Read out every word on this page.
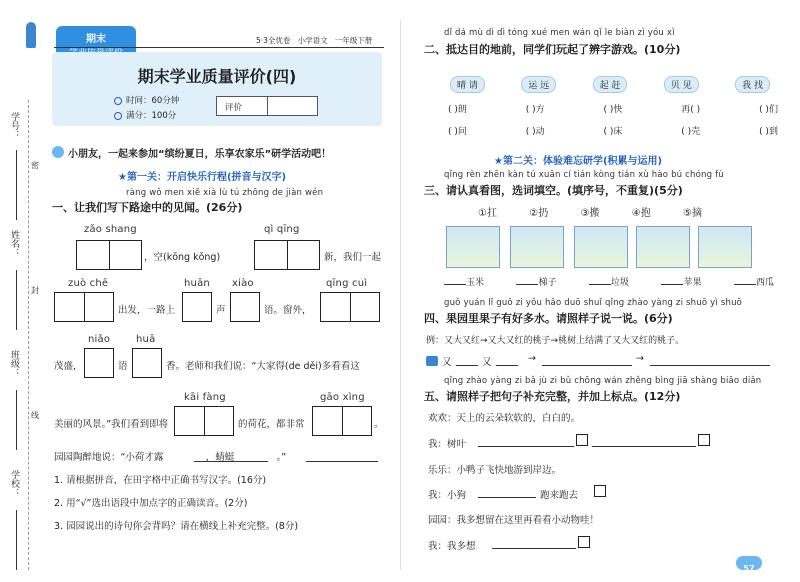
学号：
姓名：
班级：
学校：
密
封
线
期末	5·3全优卷   小学语文   一年级下册
期末学业质量评价(四)
时间：60分钟
满分：100分
评价
小朋友，一起来参加“缤纷夏日，乐享农家乐”研学活动吧！
★第一关：开启快乐行程(拼音与汉字)
ràng wǒ men xiě xià lù tú zhōng de jiàn wén
一、让我们写下路途中的见闻。(26分)
zǎo shang
，空(kōng kǒng)
qì qīng
新，我们一起
zuò chē
出发，一路上
huān
声
xiào
语。窗外，
qīng cuì
茂盛，
niǎo
语
huā
香。老师和我们说：“大家得(de děi)多看看这
美丽的风景。”我们看到即将
kāi fàng
的荷花，都非常
gāo xìng
。
园园陶醉地说：“小荷才露              ，蜻蜓              。”
1. 请根据拼音，在田字格中正确书写汉字。(16分)
2. 用“√”选出语段中加点字的正确读音。(2分)
3. 园园说出的诗句你会背吗？请在横线上补充完整。(8分)
dǐ dá mù dì dì tóng xué men wán qǐ le biàn zì yóu xì
二、抵达目的地前，同学们玩起了辨字游戏。(10分)
晴 请	运 远	起 赶	贝 见	我 找
( )朗	( )方	( )快	再( )	( )们
( )问	( )动	( )床	( )壳	( )到
★第二关：体验难忘研学(积累与运用)
qǐng rèn zhēn kàn tú xuǎn cí tián kòng tián xù hào bú chóng fù
三、请认真看图，选词填空。(填序号，不重复)(5分)
①扛	②扔	③搬	④抱	⑤摘
玉米	梯子	垃圾	苹果	西瓜
guǒ yuán lǐ guǒ zi yǒu hǎo duō shuǐ qǐng zhào yàng zi shuō yì shuō
四、果园里果子有好多水。请照样子说一说。(6分)
例：又大又红→又大又红的桃子→桃树上结满了又大又红的桃子。
又	又	→	→
qǐng zhào yàng zi bǎ jù zi bǔ chōng wán zhěng bìng jiā shàng biāo diǎn
五、请照样子把句子补充完整，并加上标点。(12分)
欢欢：天上的云朵软软的，白白的。
我：树叶
乐乐：小鸭子飞快地游到岸边。
我：小狗	跑来跑去
园园：我多想留在这里再看看小动物哇！
我：我多想
57
